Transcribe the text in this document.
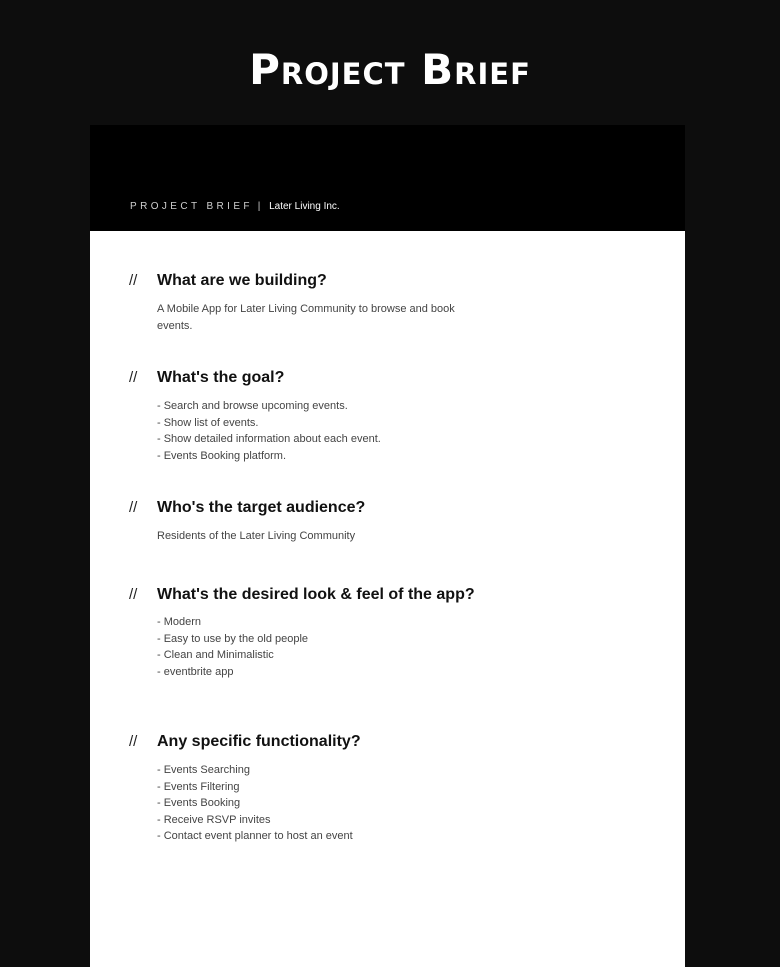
Project Brief
PROJECT BRIEF | Later Living Inc.
// What are we building?

A Mobile App for Later Living Community to browse and book events.

// What's the goal?
- Search and browse upcoming events.
- Show list of events.
- Show detailed information about each event.
- Events Booking platform.
// Who's the target audience?

Residents of the Later Living Community

// What's the desired look & feel of the app?
- Modern
- Easy to use by the old people
- Clean and Minimalistic
- eventbrite app
// Any specific functionality?
- Events Searching
- Events Filtering
- Events Booking
- Receive RSVP invites
- Contact event planner to host an event
